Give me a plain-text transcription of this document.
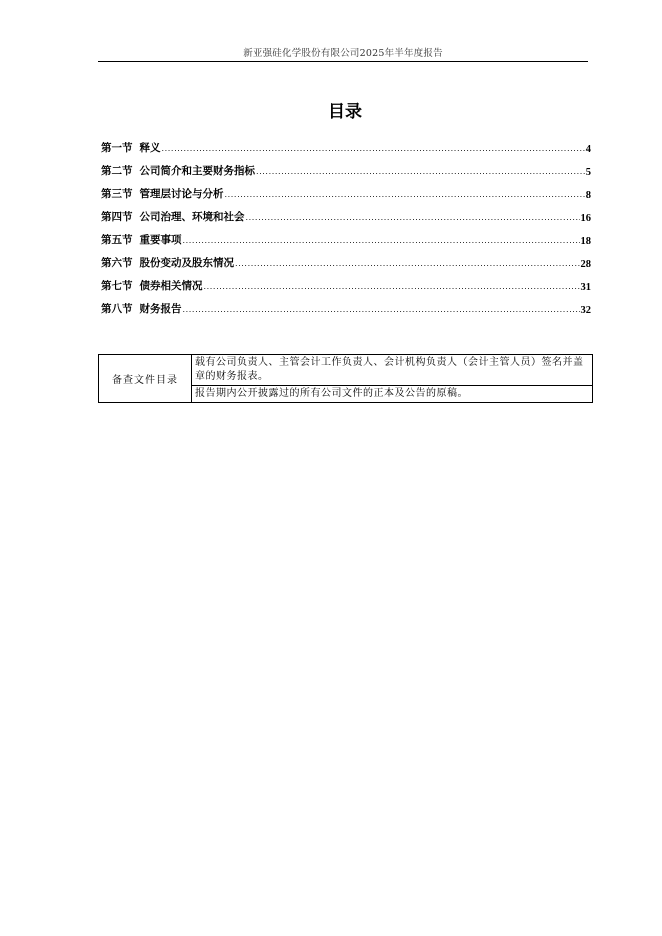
新亚强硅化学股份有限公司2025年半年度报告
目录
第一节 释义 .....	4
第二节 公司简介和主要财务指标 .....	5
第三节 管理层讨论与分析 .....	8
第四节 公司治理、环境和社会 .....	16
第五节 重要事项 .....	18
第六节 股份变动及股东情况 .....	28
第七节 债券相关情况 .....	31
第八节 财务报告 .....	32
备查文件目录	载有公司负责人、主管会计工作负责人、会计机构负责人（会计主管人员）签名并盖章的财务报表。
报告期内公开披露过的所有公司文件的正本及公告的原稿。
